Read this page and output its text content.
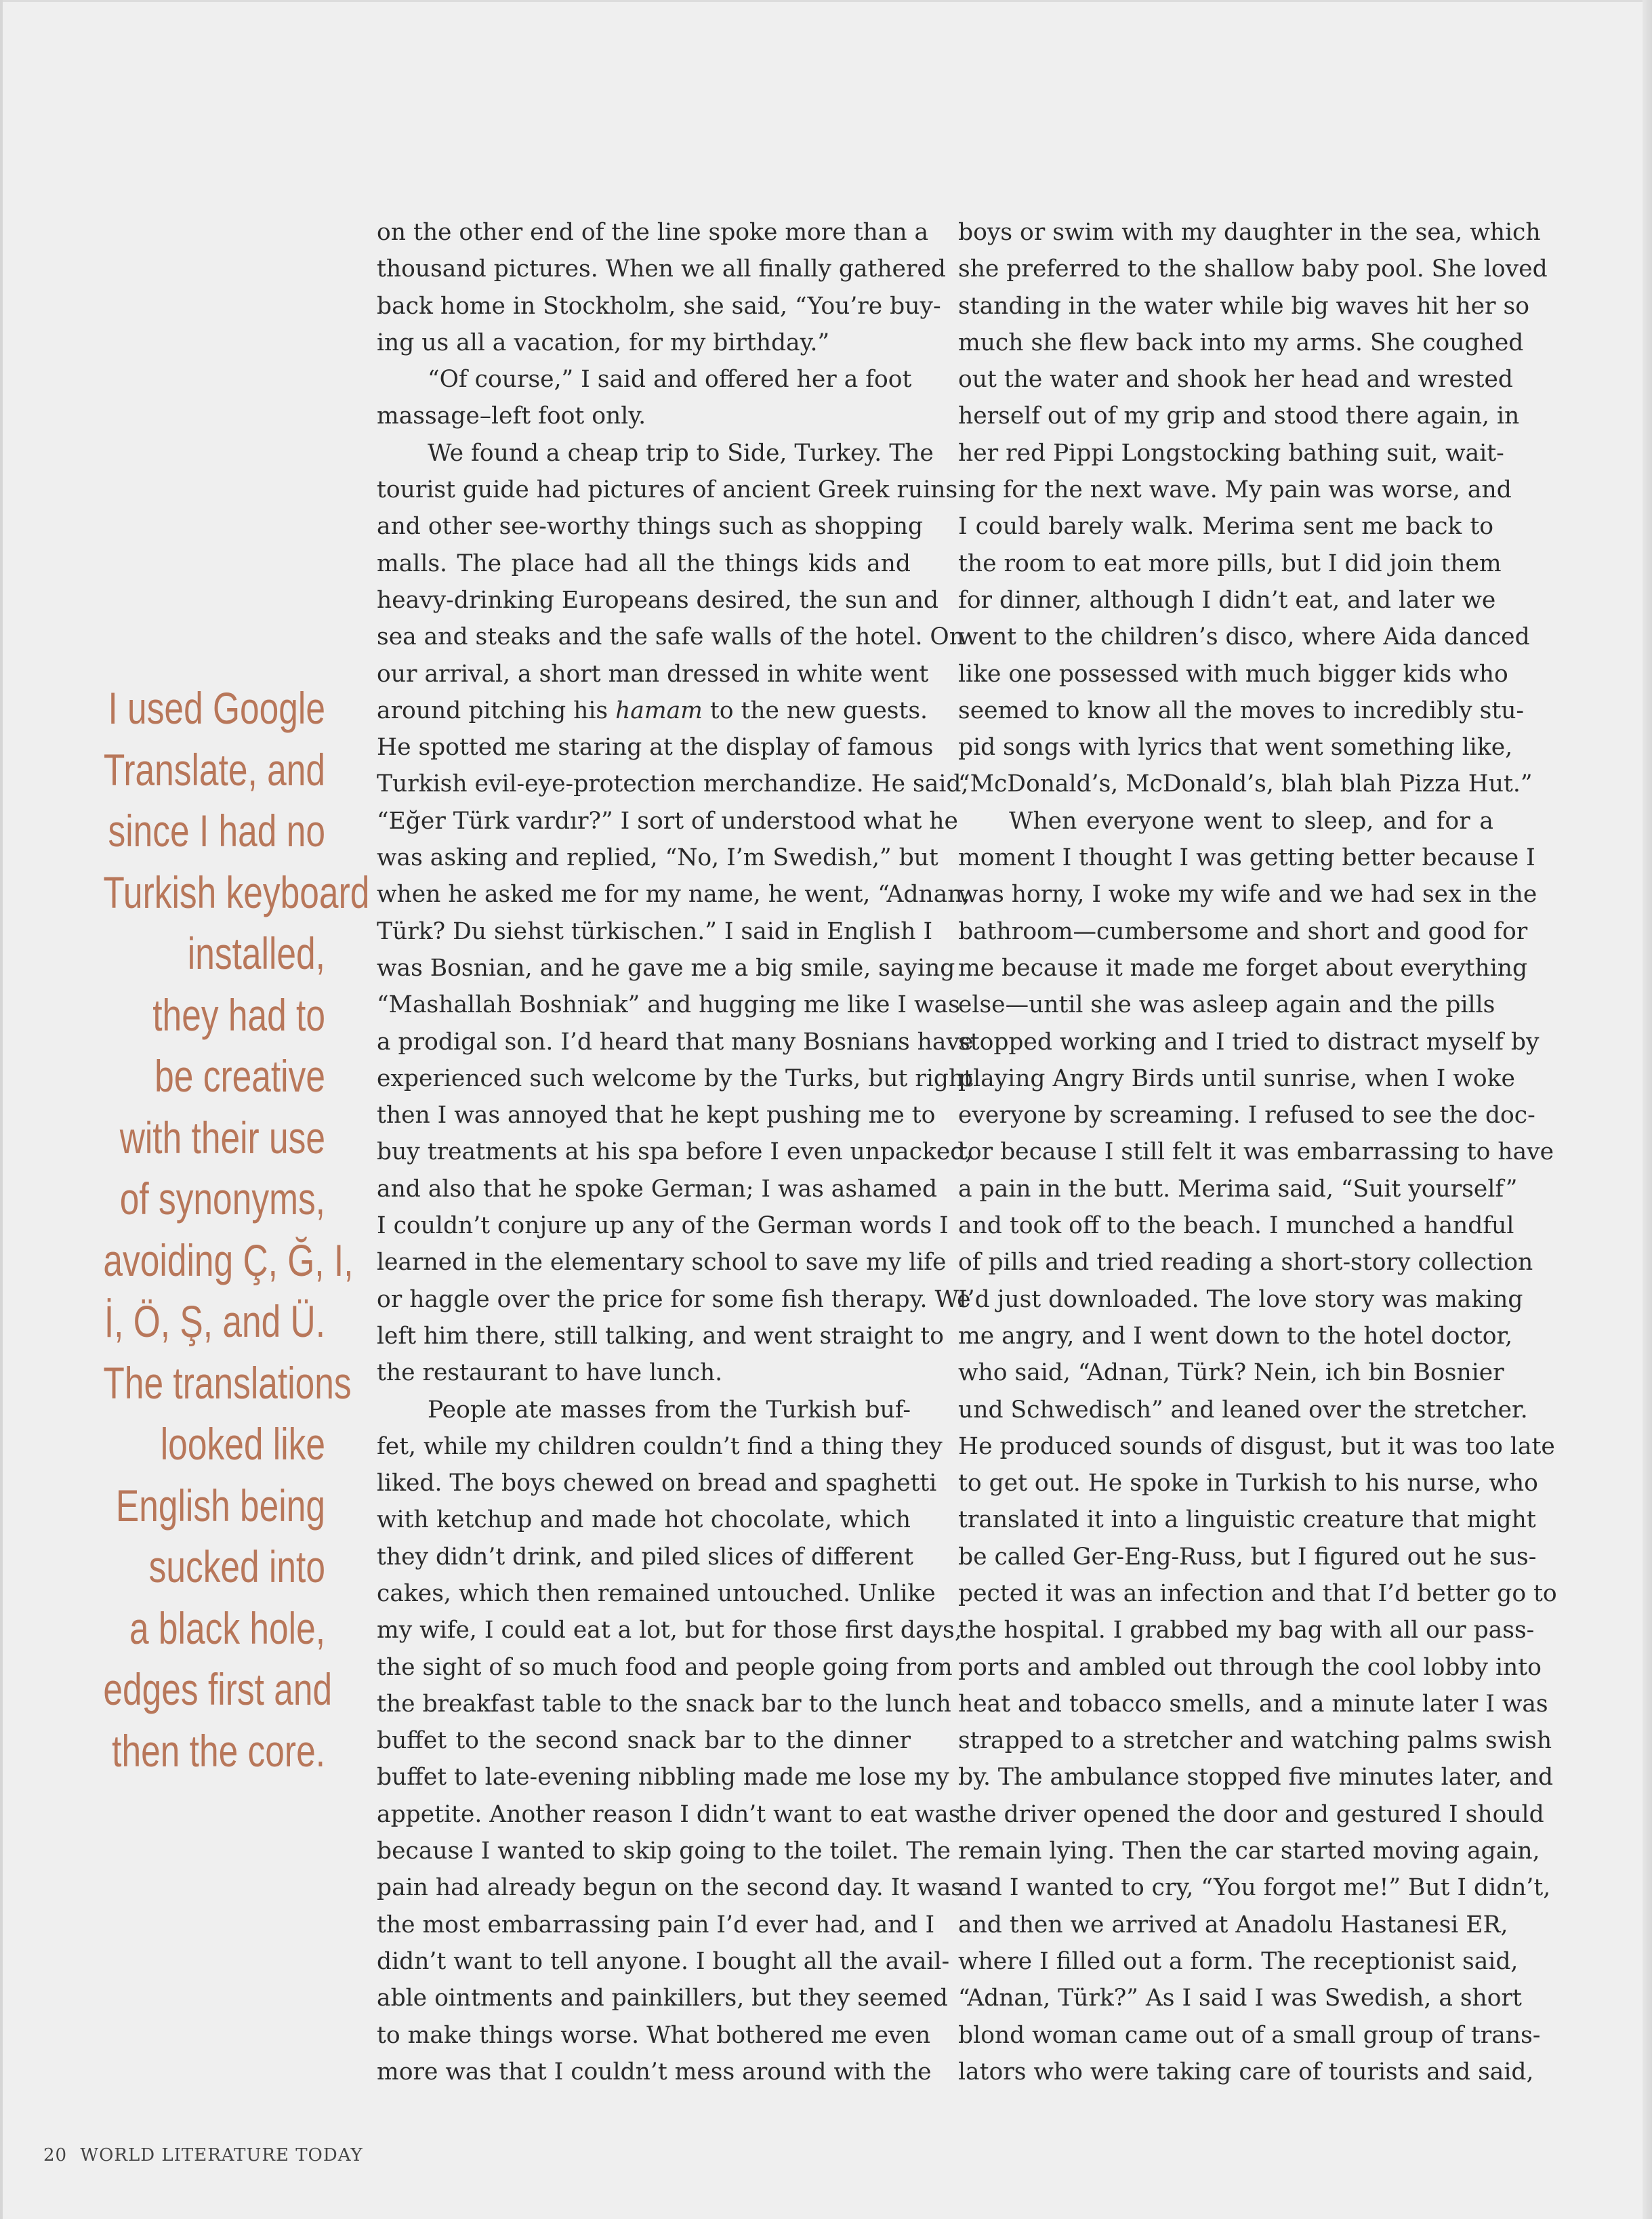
I used Google
Translate, and
since I had no
Turkish keyboard
installed,
they had to
be creative
with their use
of synonyms,
avoiding Ç, Ğ, I,
İ, Ö, Ş, and Ü.
The translations
looked like
English being
sucked into
a black hole,
edges first and
then the core.
on the other end of the line spoke more than a
thousand pictures. When we all finally gathered
back home in Stockholm, she said, “You’re buy-
ing us all a vacation, for my birthday.”
“Of course,” I said and offered her a foot
massage–left foot only.
We found a cheap trip to Side, Turkey. The
tourist guide had pictures of ancient Greek ruins
and other see-worthy things such as shopping
malls. The place had all the things kids and
heavy-drinking Europeans desired, the sun and
sea and steaks and the safe walls of the hotel. On
our arrival, a short man dressed in white went
around pitching his hamam to the new guests.
He spotted me staring at the display of famous
Turkish evil-eye-protection merchandize. He said,
“Eğer Türk vardır?” I sort of understood what he
was asking and replied, “No, I’m Swedish,” but
when he asked me for my name, he went, “Adnan,
Türk? Du siehst türkischen.” I said in English I
was Bosnian, and he gave me a big smile, saying
“Mashallah Boshniak” and hugging me like I was
a prodigal son. I’d heard that many Bosnians have
experienced such welcome by the Turks, but right
then I was annoyed that he kept pushing me to
buy treatments at his spa before I even unpacked,
and also that he spoke German; I was ashamed
I couldn’t conjure up any of the German words I
learned in the elementary school to save my life
or haggle over the price for some fish therapy. We
left him there, still talking, and went straight to
the restaurant to have lunch.
People ate masses from the Turkish buf-
fet, while my children couldn’t find a thing they
liked. The boys chewed on bread and spaghetti
with ketchup and made hot chocolate, which
they didn’t drink, and piled slices of different
cakes, which then remained untouched. Unlike
my wife, I could eat a lot, but for those first days,
the sight of so much food and people going from
the breakfast table to the snack bar to the lunch
buffet to the second snack bar to the dinner
buffet to late-evening nibbling made me lose my
appetite. Another reason I didn’t want to eat was
because I wanted to skip going to the toilet. The
pain had already begun on the second day. It was
the most embarrassing pain I’d ever had, and I
didn’t want to tell anyone. I bought all the avail-
able ointments and painkillers, but they seemed
to make things worse. What bothered me even
more was that I couldn’t mess around with the
boys or swim with my daughter in the sea, which
she preferred to the shallow baby pool. She loved
standing in the water while big waves hit her so
much she flew back into my arms. She coughed
out the water and shook her head and wrested
herself out of my grip and stood there again, in
her red Pippi Longstocking bathing suit, wait-
ing for the next wave. My pain was worse, and
I could barely walk. Merima sent me back to
the room to eat more pills, but I did join them
for dinner, although I didn’t eat, and later we
went to the children’s disco, where Aida danced
like one possessed with much bigger kids who
seemed to know all the moves to incredibly stu-
pid songs with lyrics that went something like,
“McDonald’s, McDonald’s, blah blah Pizza Hut.”
When everyone went to sleep, and for a
moment I thought I was getting better because I
was horny, I woke my wife and we had sex in the
bathroom—cumbersome and short and good for
me because it made me forget about everything
else—until she was asleep again and the pills
stopped working and I tried to distract myself by
playing Angry Birds until sunrise, when I woke
everyone by screaming. I refused to see the doc-
tor because I still felt it was embarrassing to have
a pain in the butt. Merima said, “Suit yourself”
and took off to the beach. I munched a handful
of pills and tried reading a short-story collection
I’d just downloaded. The love story was making
me angry, and I went down to the hotel doctor,
who said, “Adnan, Türk? Nein, ich bin Bosnier
und Schwedisch” and leaned over the stretcher.
He produced sounds of disgust, but it was too late
to get out. He spoke in Turkish to his nurse, who
translated it into a linguistic creature that might
be called Ger-Eng-Russ, but I figured out he sus-
pected it was an infection and that I’d better go to
the hospital. I grabbed my bag with all our pass-
ports and ambled out through the cool lobby into
heat and tobacco smells, and a minute later I was
strapped to a stretcher and watching palms swish
by. The ambulance stopped five minutes later, and
the driver opened the door and gestured I should
remain lying. Then the car started moving again,
and I wanted to cry, “You forgot me!” But I didn’t,
and then we arrived at Anadolu Hastanesi ER,
where I filled out a form. The receptionist said,
“Adnan, Türk?” As I said I was Swedish, a short
blond woman came out of a small group of trans-
lators who were taking care of tourists and said,
20 WORLD LITERATURE TODAY
